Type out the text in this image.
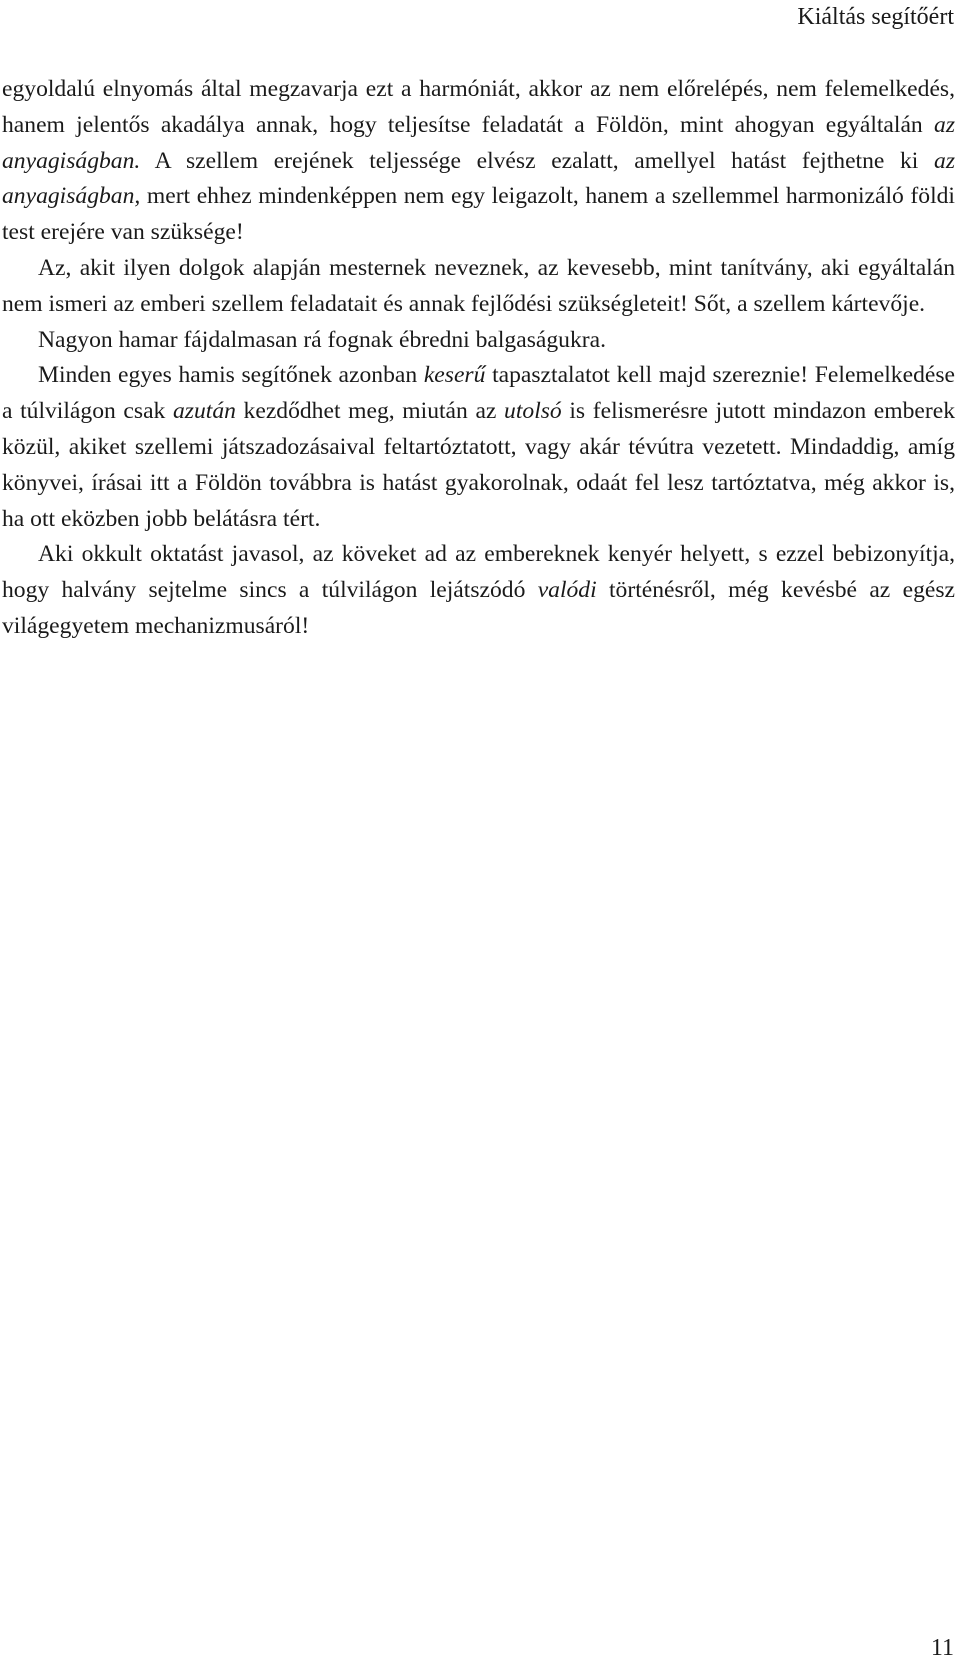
Kiáltás segítőért

egyoldalú elnyomás által megzavarja ezt a harmóniát, akkor az nem előrelépés, nem felemelkedés, hanem jelentős akadálya annak, hogy teljesítse feladatát a Földön, mint ahogyan egyáltalán az anyagiságban. A szellem erejének teljessége elvész ezalatt, amellyel hatást fejthetne ki az anyagiságban, mert ehhez mindenképpen nem egy leigazolt, hanem a szellemmel harmonizáló földi test erejére van szüksége!

Az, akit ilyen dolgok alapján mesternek neveznek, az kevesebb, mint tanítvány, aki egyáltalán nem ismeri az emberi szellem feladatait és annak fejlődési szükségleteit! Sőt, a szellem kártevője.

Nagyon hamar fájdalmasan rá fognak ébredni balgaságukra.

Minden egyes hamis segítőnek azonban keserű tapasztalatot kell majd szereznie! Felemelkedése a túlvilágon csak azután kezdődhet meg, miután az utolsó is felismerésre jutott mindazon emberek közül, akiket szellemi játszadozásaival feltartóztatott, vagy akár tévútra vezetett. Mindaddig, amíg könyvei, írásai itt a Földön továbbra is hatást gyakorolnak, odaát fel lesz tartóztatva, még akkor is, ha ott eközben jobb belátásra tért.

Aki okkult oktatást javasol, az köveket ad az embereknek kenyér helyett, s ezzel bebizonyítja, hogy halvány sejtelme sincs a túlvilágon lejátszódó valódi történésről, még kevésbé az egész világegyetem mechanizmusáról!

11
